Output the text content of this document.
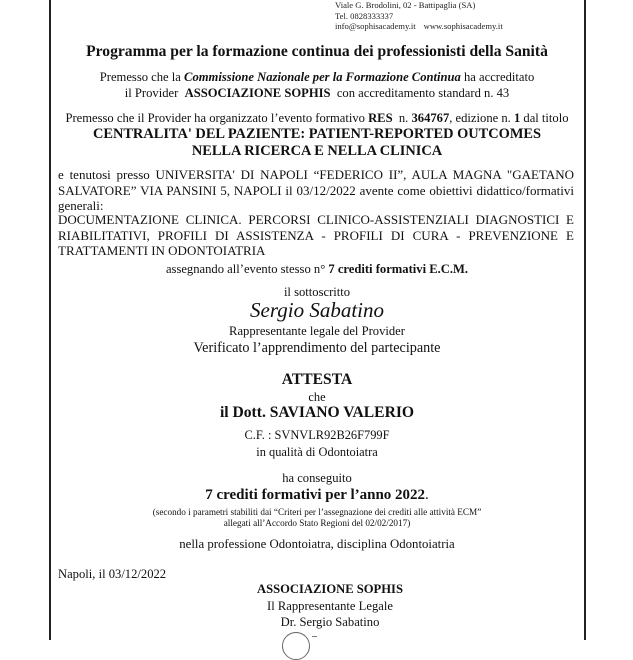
Viale G. Brodolini, 02 - Battipaglia (SA)
Tel. 0828333337
info@sophisacademy.it www.sophisacademy.it
Programma per la formazione continua dei professionisti della Sanità
Premesso che la Commissione Nazionale per la Formazione Continua ha accreditato
il Provider  ASSOCIAZIONE SOPHIS  con accreditamento standard n. 43
Premesso che il Provider ha organizzato l’evento formativo RES  n. 364767, edizione n. 1 dal titolo
CENTRALITA' DEL PAZIENTE: PATIENT-REPORTED OUTCOMES
NELLA RICERCA E NELLA CLINICA
e tenutosi presso UNIVERSITA' DI NAPOLI “FEDERICO II”, AULA MAGNA "GAETANO SALVATORE” VIA PANSINI 5, NAPOLI il 03/12/2022 avente come obiettivi didattico/formativi generali:
DOCUMENTAZIONE CLINICA. PERCORSI CLINICO-ASSISTENZIALI DIAGNOSTICI E RIABILITATIVI, PROFILI DI ASSISTENZA - PROFILI DI CURA - PREVENZIONE E TRATTAMENTI IN ODONTOIATRIA
assegnando all’evento stesso n° 7 crediti formativi E.C.M.
il sottoscritto
Sergio Sabatino
Rappresentante legale del Provider
Verificato l’apprendimento del partecipante
ATTESTA
che
il Dott. SAVIANO VALERIO
C.F. : SVNVLR92B26F799F
in qualità di Odontoiatra
ha conseguito
7 crediti formativi per l’anno 2022.
(secondo i parametri stabiliti dai “Criteri per l’assegnazione dei crediti alle attività ECM”
allegati all’Accordo Stato Regioni del 02/02/2017)
nella professione Odontoiatra, disciplina Odontoiatria
Napoli, il 03/12/2022
ASSOCIAZIONE SOPHIS
Il Rappresentante Legale
Dr. Sergio Sabatino
